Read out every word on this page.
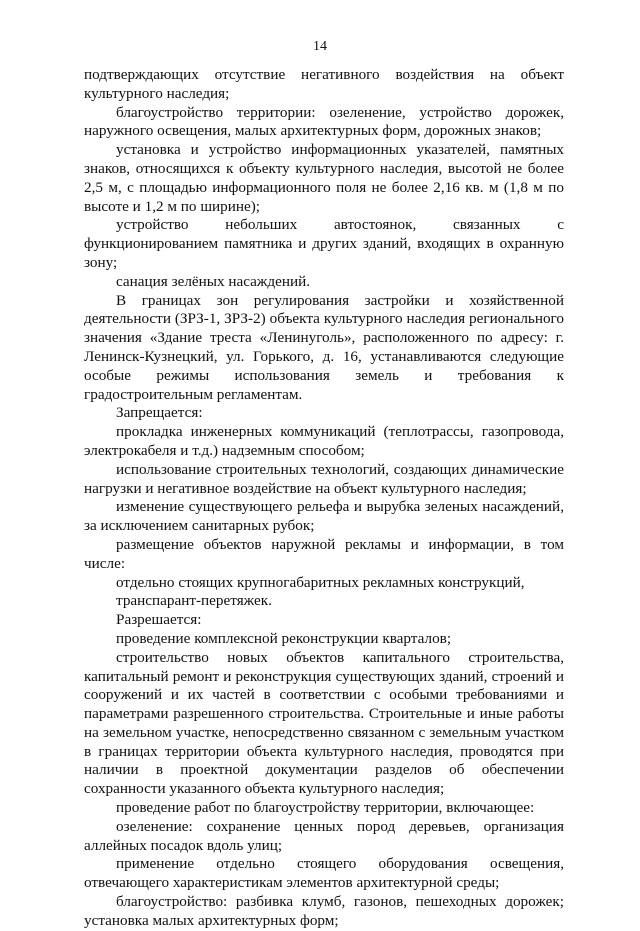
14

подтверждающих отсутствие негативного воздействия на объект культурного наследия;

благоустройство территории: озеленение, устройство дорожек, наружного освещения, малых архитектурных форм, дорожных знаков;

установка и устройство информационных указателей, памятных знаков, относящихся к объекту культурного наследия, высотой не более 2,5 м, с площадью информационного поля не более 2,16 кв. м (1,8 м по высоте и 1,2 м по ширине);

устройство небольших автостоянок, связанных с функционированием памятника и других зданий, входящих в охранную зону;

санация зелёных насаждений.

В границах зон регулирования застройки и хозяйственной деятельности (ЗРЗ-1, ЗРЗ-2) объекта культурного наследия регионального значения «Здание треста «Ленинуголь», расположенного по адресу: г. Ленинск-Кузнецкий, ул. Горького, д. 16, устанавливаются следующие особые режимы использования земель и требования к градостроительным регламентам.

Запрещается:

прокладка инженерных коммуникаций (теплотрассы, газопровода, электрокабеля и т.д.) надземным способом;

использование строительных технологий, создающих динамические нагрузки и негативное воздействие на объект культурного наследия;

изменение существующего рельефа и вырубка зеленых насаждений, за исключением санитарных рубок;

размещение объектов наружной рекламы и информации, в том числе:

отдельно стоящих крупногабаритных рекламных конструкций,

транспарант-перетяжек.

Разрешается:

проведение комплексной реконструкции кварталов;

строительство новых объектов капитального строительства, капитальный ремонт и реконструкция существующих зданий, строений и сооружений и их частей в соответствии с особыми требованиями и параметрами разрешенного строительства. Строительные и иные работы на земельном участке, непосредственно связанном с земельным участком в границах территории объекта культурного наследия, проводятся при наличии в проектной документации разделов об обеспечении сохранности указанного объекта культурного наследия;

проведение работ по благоустройству территории, включающее:

озеленение: сохранение ценных пород деревьев, организация аллейных посадок вдоль улиц;

применение отдельно стоящего оборудования освещения, отвечающего характеристикам элементов архитектурной среды;

благоустройство: разбивка клумб, газонов, пешеходных дорожек; установка малых архитектурных форм;
